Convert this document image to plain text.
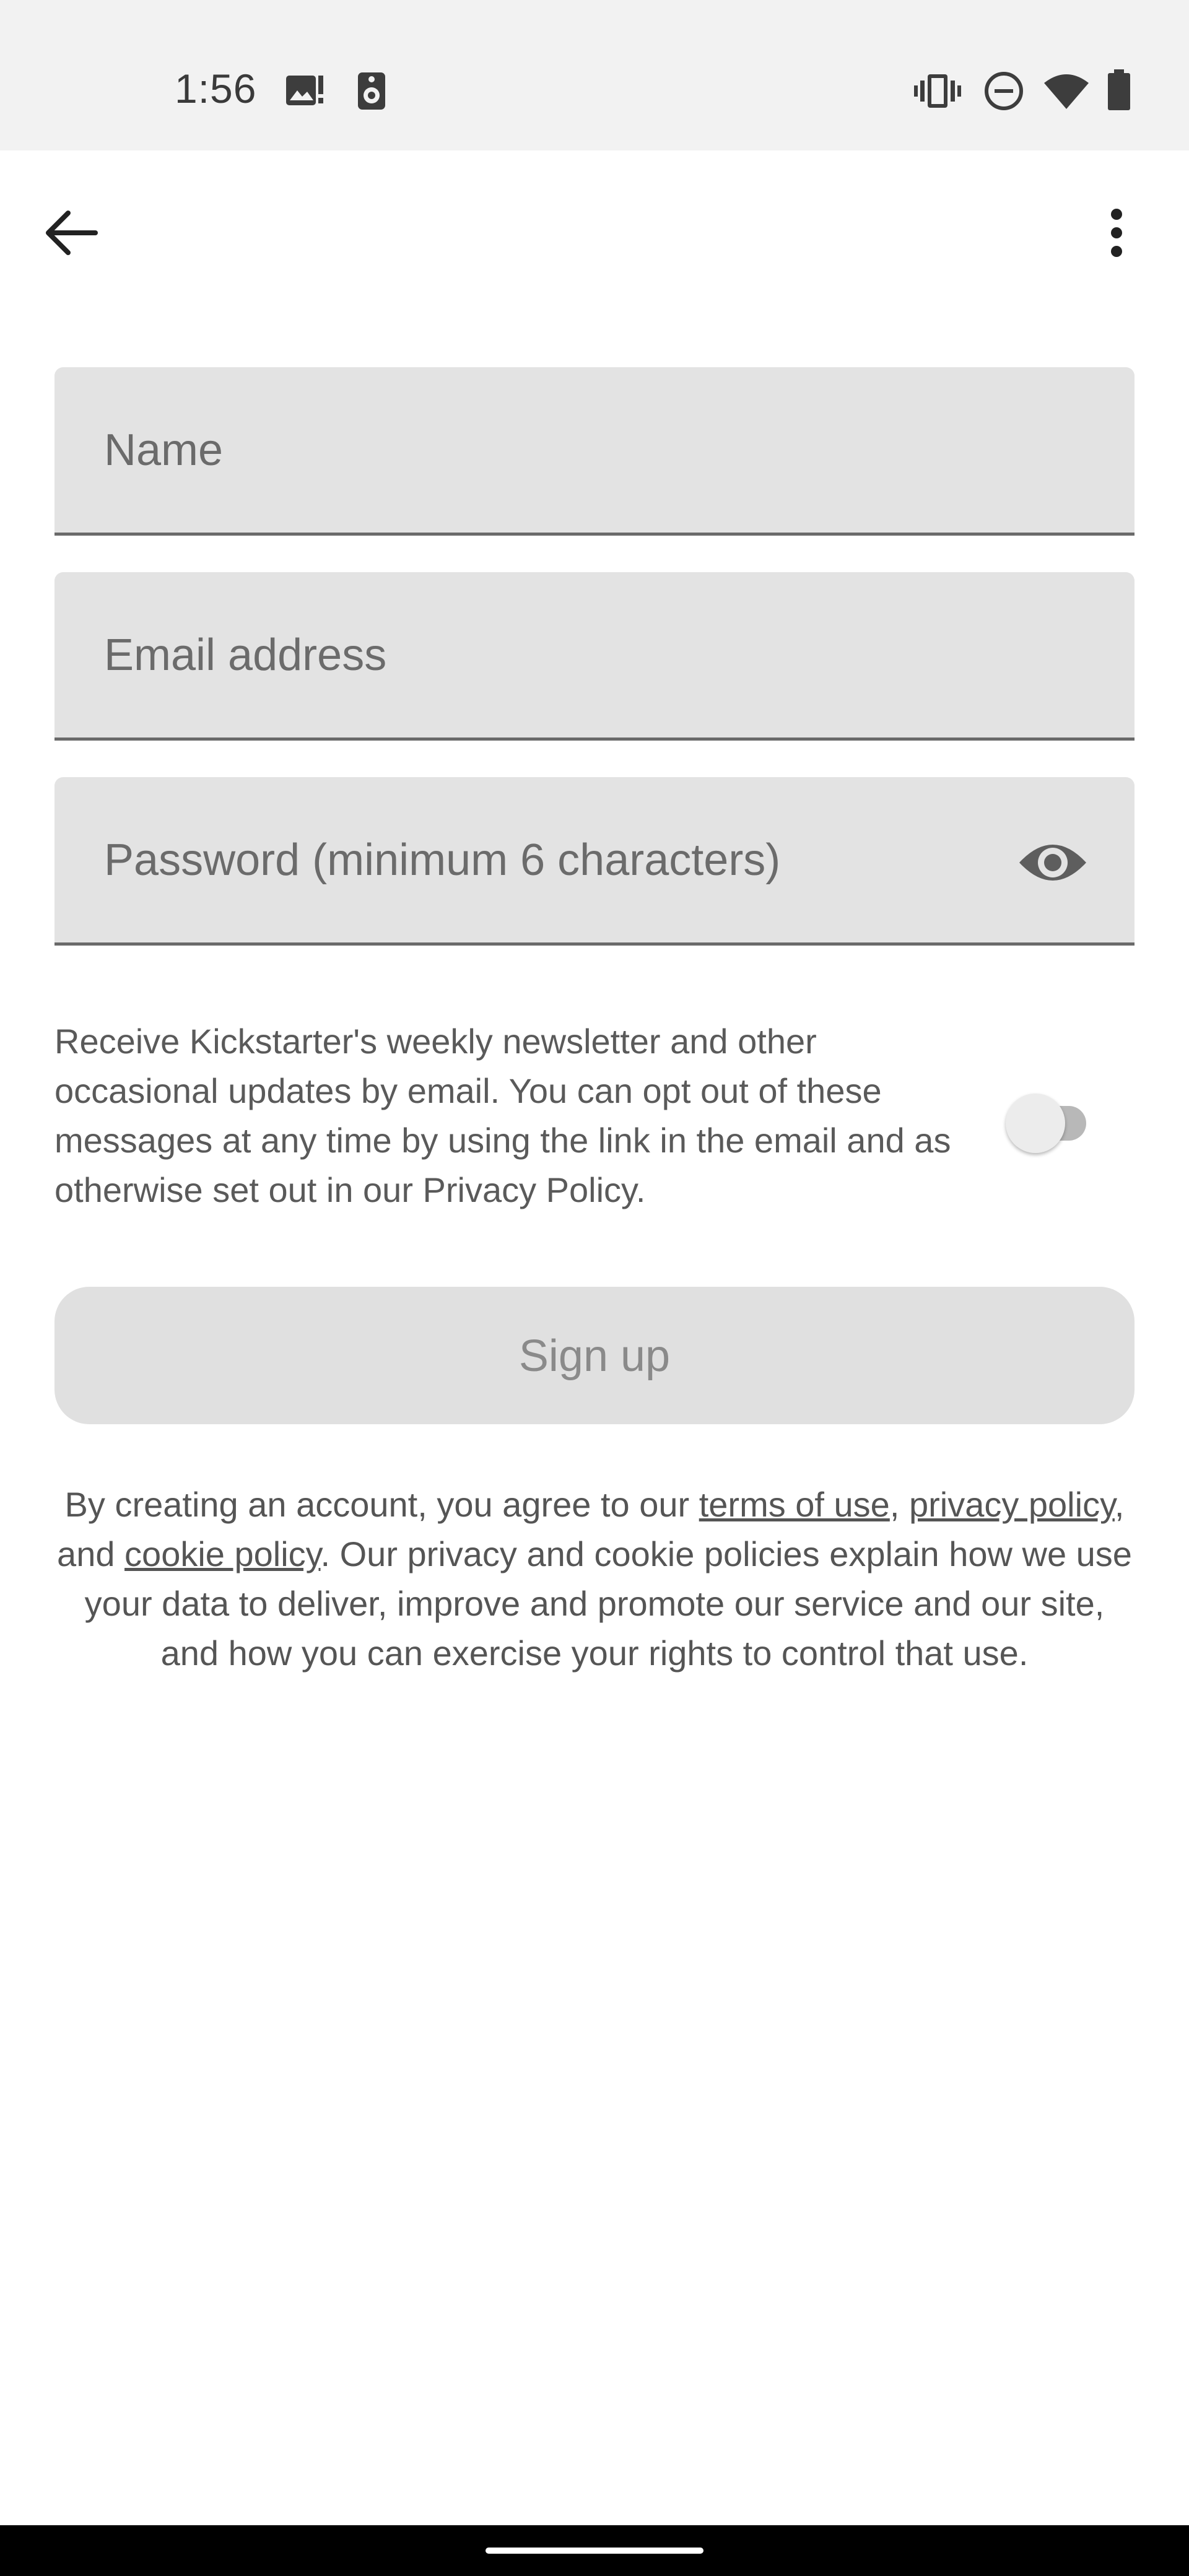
1:56
Name
Email address
Receive Kickstarter's weekly newsletter and other occasional updates by email. You can opt out of these messages at any time by using the link in the email and as otherwise set out in our Privacy Policy.
Sign up
By creating an account, you agree to our terms of use, privacy policy, and cookie policy. Our privacy and cookie policies explain how we use your data to deliver, improve and promote our service and our site, and how you can exercise your rights to control that use.
